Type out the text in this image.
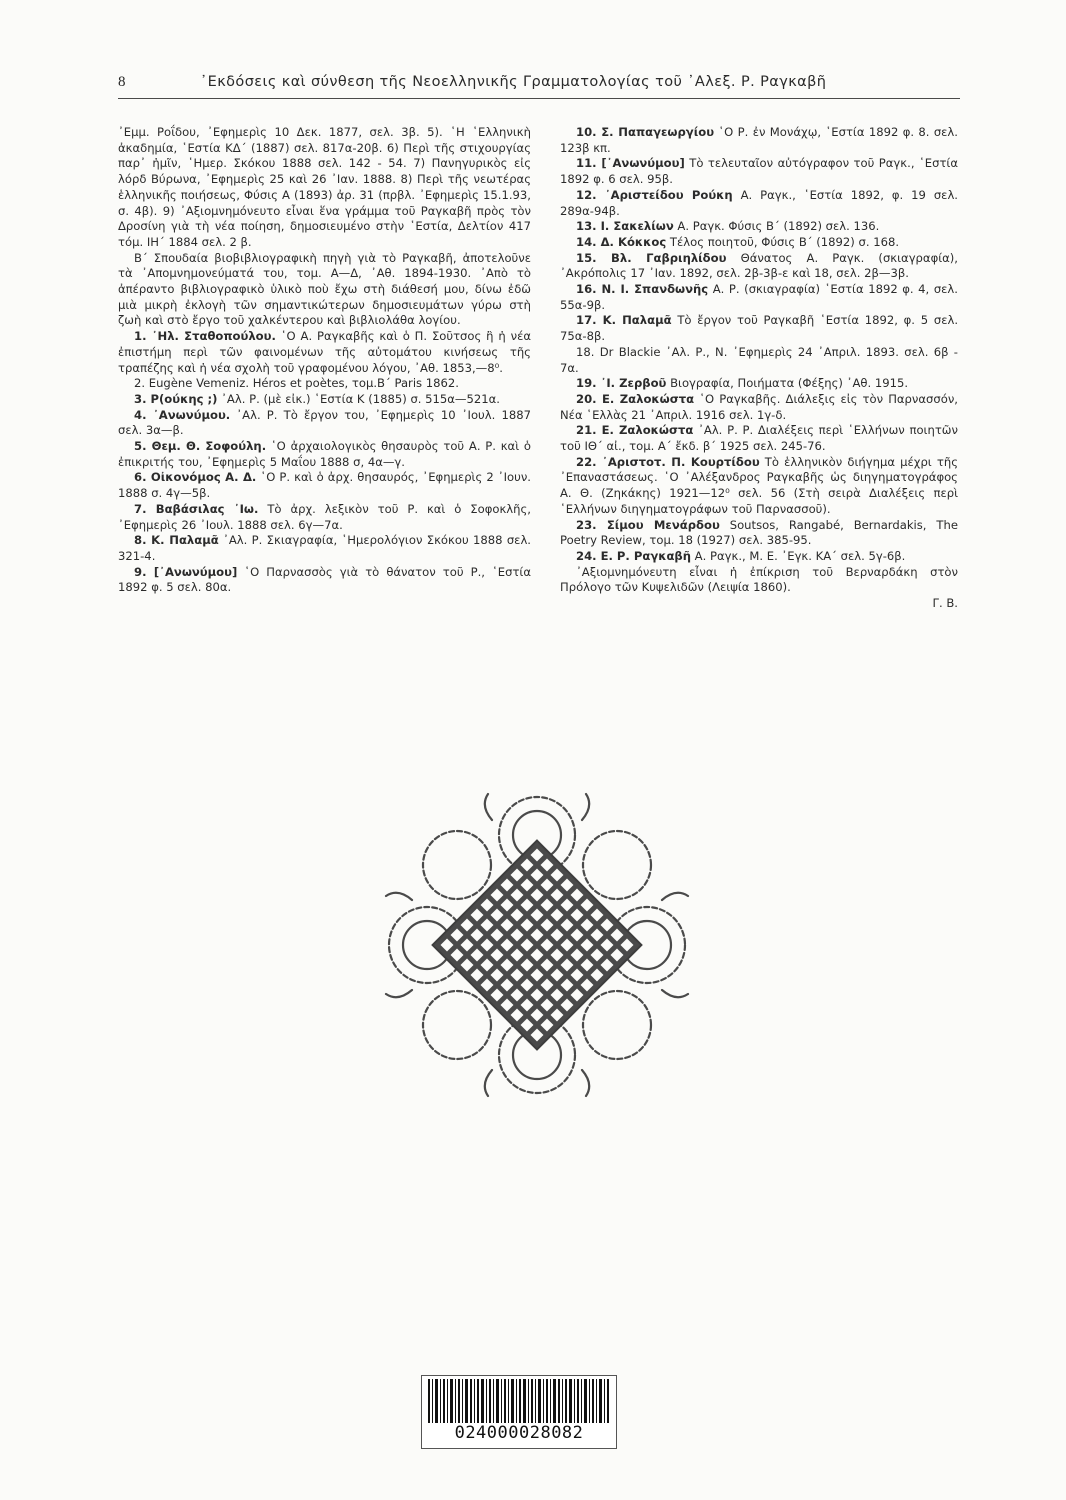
8	᾿Εκδόσεις καὶ σύνθεση τῆς Νεοελληνικῆς Γραμματολογίας τοῦ ᾿Αλεξ. Ρ. Ραγκαβῆ

᾿Εμμ. Ροΐδου, ᾿Εφημερὶς 10 Δεκ. 1877, σελ. 3β. 5). ῾Η ῾Ελληνικὴ ἀκαδημία, ῾Εστία ΚΔ΄ (1887) σελ. 817α-20β. 6) Περὶ τῆς στιχουργίας παρ᾿ ἡμῖν, ῾Ημερ. Σκόκου 1888 σελ. 142 - 54. 7) Πανηγυρικὸς εἰς λόρδ Βύρωνα, ᾿Εφημερὶς 25 καὶ 26 ᾿Ιαν. 1888. 8) Περὶ τῆς νεωτέρας ἑλληνικῆς ποιήσεως, Φύσις Α (1893) ἀρ. 31 (πρβλ. ᾿Εφημερὶς 15.1.93, σ. 4β). 9) ᾿Αξιομνημόνευτο εἶναι ἕνα γράμμα τοῦ Ραγκαβῆ πρὸς τὸν Δροσίνη γιὰ τὴ νέα ποίηση, δημοσιευμένο στὴν ῾Εστία, Δελτίον 417 τόμ. ΙΗ΄ 1884 σελ. 2 β.

Β΄ Σπουδαία βιοβιβλιογραφικὴ πηγὴ γιὰ τὸ Ραγκαβῆ, ἀποτελοῦνε τὰ ᾿Απομνημονεύματά του, τομ. Α—Δ, ᾿Αθ. 1894-1930. ᾿Απὸ τὸ ἀπέραντο βιβλιογραφικὸ ὑλικὸ ποὺ ἔχω στὴ διάθεσή μου, δίνω ἐδῶ μιὰ μικρὴ ἐκλογὴ τῶν σημαντικώτερων δημοσιευμάτων γύρω στὴ ζωὴ καὶ στὸ ἔργο τοῦ χαλκέντερου καὶ βιβλιολάθα λογίου.

1. ᾿Ηλ. Σταθοπούλου. ῾Ο Α. Ραγκαβῆς καὶ ὁ Π. Σοῦτσος ἢ ἡ νέα ἐπιστήμη περὶ τῶν φαινομένων τῆς αὐτομάτου κινήσεως τῆς τραπέζης καὶ ἡ νέα σχολὴ τοῦ γραφομένου λόγου, ᾿Αθ. 1853,—8⁰.

2. Eugène Vemeniz. Héros et poètes, τομ.Β΄ Paris 1862.

3. Ρ(ούκης ;) ᾿Αλ. Ρ. (μὲ εἰκ.) ῾Εστία Κ (1885) σ. 515α—521α.

4. ᾿Ανωνύμου. ᾿Αλ. Ρ. Τὸ ἔργον του, ᾿Εφημερὶς 10 ᾿Ιουλ. 1887 σελ. 3α—β.

5. Θεμ. Θ. Σοφούλη. ῾Ο ἀρχαιολογικὸς θησαυρὸς τοῦ Α. Ρ. καὶ ὁ ἐπικριτής του, ᾿Εφημερὶς 5 Μαΐου 1888 σ, 4α—γ.

6. Οἰκονόμος Α. Δ. ῾Ο Ρ. καὶ ὁ ἀρχ. θησαυρός, ᾿Εφημερὶς 2 ᾿Ιουν. 1888 σ. 4γ—5β.

7. Βαβάσιλας ᾿Ιω. Τὸ ἀρχ. λεξικὸν τοῦ Ρ. καὶ ὁ Σοφοκλῆς, ᾿Εφημερὶς 26 ᾿Ιουλ. 1888 σελ. 6γ—7α.

8. Κ. Παλαμᾶ ᾿Αλ. Ρ. Σκιαγραφία, ῾Ημερολόγιον Σκόκου 1888 σελ. 321-4.

9. [᾿Ανωνύμου] ῾Ο Παρνασσὸς γιὰ τὸ θάνατον τοῦ Ρ., ῾Εστία 1892 φ. 5 σελ. 80α.

10. Σ. Παπαγεωργίου ῾Ο Ρ. ἐν Μονάχῳ, ῾Εστία 1892 φ. 8. σελ. 123β κπ.

11. [᾿Ανωνύμου] Τὸ τελευταῖον αὐτόγραφον τοῦ Ραγκ., ῾Εστία 1892 φ. 6 σελ. 95β.

12. ᾿Αριστείδου Ρούκη Α. Ραγκ., ῾Εστία 1892, φ. 19 σελ. 289α-94β.

13. Ι. Σακελίων Α. Ραγκ. Φύσις Β΄ (1892) σελ. 136.

14. Δ. Κόκκος Τέλος ποιητοῦ, Φύσις Β΄ (1892) σ. 168.

15. Βλ. Γαβριηλίδου Θάνατος Α. Ραγκ. (σκιαγραφία), ᾿Ακρόπολις 17 ᾿Ιαν. 1892, σελ. 2β-3β-ε καὶ 18, σελ. 2β—3β.

16. Ν. Ι. Σπανδωνῆς Α. Ρ. (σκιαγραφία) ῾Εστία 1892 φ. 4, σελ. 55α-9β.

17. Κ. Παλαμᾶ Τὸ ἔργον τοῦ Ραγκαβῆ ῾Εστία 1892, φ. 5 σελ. 75α-8β.

18. Dr Blackie ᾿Αλ. Ρ., Ν. ᾿Εφημερὶς 24 ᾿Απριλ. 1893. σελ. 6β - 7α.

19. ᾿Ι. Ζερβοῦ Βιογραφία, Ποιήματα (Φέξης) ᾿Αθ. 1915.

20. Ε. Ζαλοκώστα ῾Ο Ραγκαβῆς. Διάλεξις εἰς τὸν Παρνασσόν, Νέα ῾Ελλὰς 21 ᾿Απριλ. 1916 σελ. 1γ-δ.

21. Ε. Ζαλοκώστα ᾿Αλ. Ρ. Ρ. Διαλέξεις περὶ ῾Ελλήνων ποιητῶν τοῦ ΙΘ΄ αἰ., τομ. Α΄ ἔκδ. β΄ 1925 σελ. 245-76.

22. ᾿Αριστοτ. Π. Κουρτίδου Τὸ ἑλληνικὸν διήγημα μέχρι τῆς ᾿Επαναστάσεως. ῾Ο ᾿Αλέξανδρος Ραγκαβῆς ὡς διηγηματογράφος Α. Θ. (Ζηκάκης) 1921—12⁰ σελ. 56 (Στὴ σειρὰ Διαλέξεις περὶ ῾Ελλήνων διηγηματογράφων τοῦ Παρνασσοῦ).

23. Σίμου Μενάρδου Soutsos, Rangabé, Bernardakis, The Poetry Review, τομ. 18 (1927) σελ. 385-95.

24. Ε. Ρ. Ραγκαβῆ Α. Ραγκ., Μ. Ε. ᾿Εγκ. ΚΑ΄ σελ. 5γ-6β.

᾿Αξιομνημόνευτη εἶναι ἡ ἐπίκριση τοῦ Βερναρδάκη στὸν Πρόλογο τῶν Κυψελιδῶν (Λειψία 1860).

Γ. Β.

024000028082
